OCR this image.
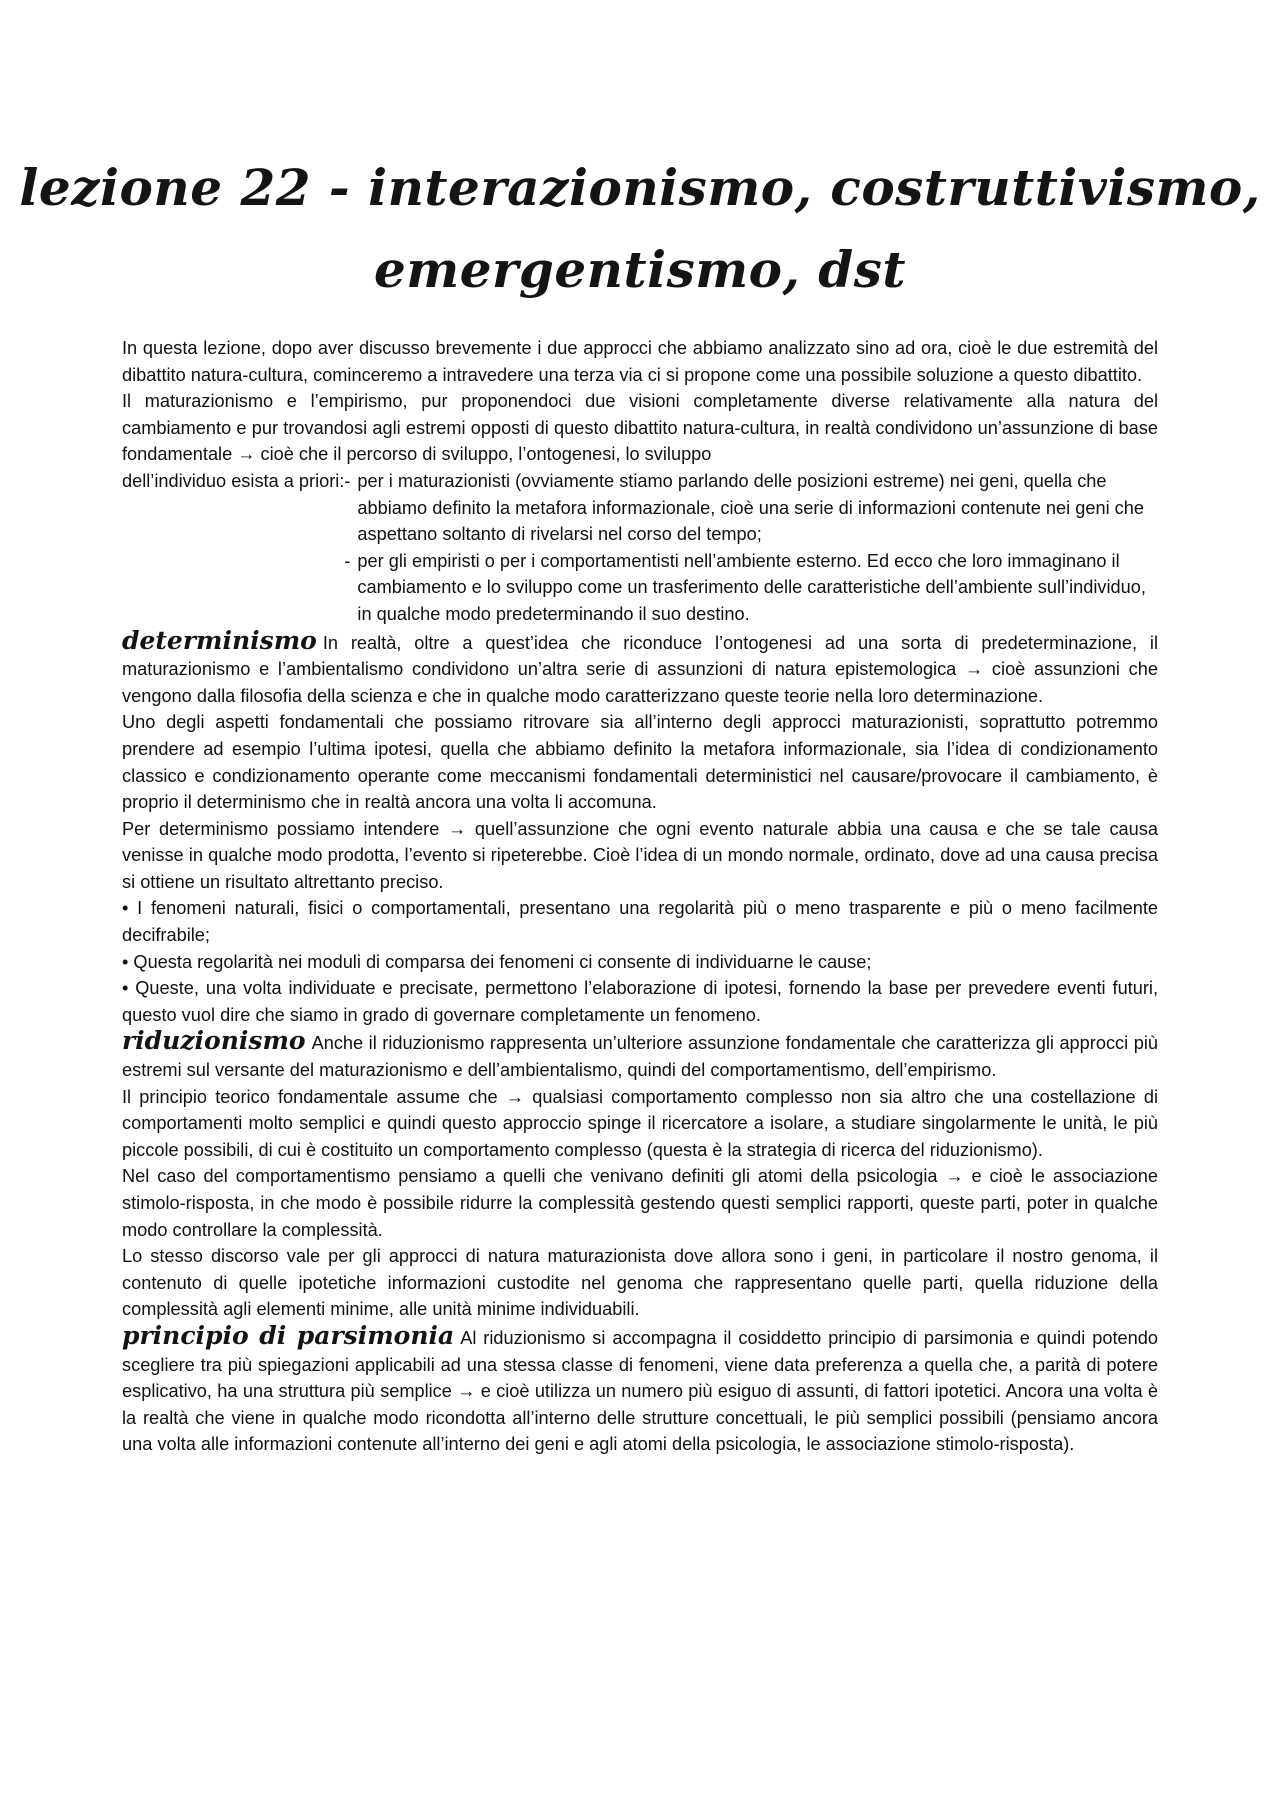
lezione 22 - interazionismo, costruttivismo,
emergentismo, dst

In questa lezione, dopo aver discusso brevemente i due approcci che abbiamo analizzato sino ad ora, cioè le due estremità del dibattito natura-cultura, cominceremo a intravedere una terza via ci si propone come una possibile soluzione a questo dibattito.

Il maturazionismo e l’empirismo, pur proponendoci due visioni completamente diverse relativamente alla natura del cambiamento e pur trovandosi agli estremi opposti di questo dibattito natura-cultura, in realtà condividono un’assunzione di base fondamentale → cioè che il percorso di sviluppo, l’ontogenesi, lo sviluppo

dell’individuo esista a priori: - per i maturazionisti (ovviamente stiamo parlando delle posizioni estreme) nei geni, quella che abbiamo definito la metafora informazionale, cioè una serie di informazioni contenute nei geni che aspettano soltanto di rivelarsi nel corso del tempo;
- per gli empiristi o per i comportamentisti nell’ambiente esterno. Ed ecco che loro immaginano il cambiamento e lo sviluppo come un trasferimento delle caratteristiche dell’ambiente sull’individuo, in qualche modo predeterminando il suo destino.

determinismo In realtà, oltre a quest’idea che riconduce l’ontogenesi ad una sorta di predeterminazione, il maturazionismo e l’ambientalismo condividono un’altra serie di assunzioni di natura epistemologica → cioè assunzioni che vengono dalla filosofia della scienza e che in qualche modo caratterizzano queste teorie nella loro determinazione.

Uno degli aspetti fondamentali che possiamo ritrovare sia all’interno degli approcci maturazionisti, soprattutto potremmo prendere ad esempio l’ultima ipotesi, quella che abbiamo definito la metafora informazionale, sia l’idea di condizionamento classico e condizionamento operante come meccanismi fondamentali deterministici nel causare/provocare il cambiamento, è proprio il determinismo che in realtà ancora una volta li accomuna.

Per determinismo possiamo intendere → quell’assunzione che ogni evento naturale abbia una causa e che se tale causa venisse in qualche modo prodotta, l’evento si ripeterebbe. Cioè l’idea di un mondo normale, ordinato, dove ad una causa precisa si ottiene un risultato altrettanto preciso.

• I fenomeni naturali, fisici o comportamentali, presentano una regolarità più o meno trasparente e più o meno facilmente decifrabile;

• Questa regolarità nei moduli di comparsa dei fenomeni ci consente di individuarne le cause;

• Queste, una volta individuate e precisate, permettono l’elaborazione di ipotesi, fornendo la base per prevedere eventi futuri, questo vuol dire che siamo in grado di governare completamente un fenomeno.

riduzionismo Anche il riduzionismo rappresenta un’ulteriore assunzione fondamentale che caratterizza gli approcci più estremi sul versante del maturazionismo e dell’ambientalismo, quindi del comportamentismo, dell’empirismo.

Il principio teorico fondamentale assume che → qualsiasi comportamento complesso non sia altro che una costellazione di comportamenti molto semplici e quindi questo approccio spinge il ricercatore a isolare, a studiare singolarmente le unità, le più piccole possibili, di cui è costituito un comportamento complesso (questa è la strategia di ricerca del riduzionismo).

Nel caso del comportamentismo pensiamo a quelli che venivano definiti gli atomi della psicologia → e cioè le associazione stimolo-risposta, in che modo è possibile ridurre la complessità gestendo questi semplici rapporti, queste parti, poter in qualche modo controllare la complessità.

Lo stesso discorso vale per gli approcci di natura maturazionista dove allora sono i geni, in particolare il nostro genoma, il contenuto di quelle ipotetiche informazioni custodite nel genoma che rappresentano quelle parti, quella riduzione della complessità agli elementi minime, alle unità minime individuabili.

principio di parsimonia Al riduzionismo si accompagna il cosiddetto principio di parsimonia e quindi potendo scegliere tra più spiegazioni applicabili ad una stessa classe di fenomeni, viene data preferenza a quella che, a parità di potere esplicativo, ha una struttura più semplice → e cioè utilizza un numero più esiguo di assunti, di fattori ipotetici. Ancora una volta è la realtà che viene in qualche modo ricondotta all’interno delle strutture concettuali, le più semplici possibili (pensiamo ancora una volta alle informazioni contenute all’interno dei geni e agli atomi della psicologia, le associazione stimolo-risposta).
